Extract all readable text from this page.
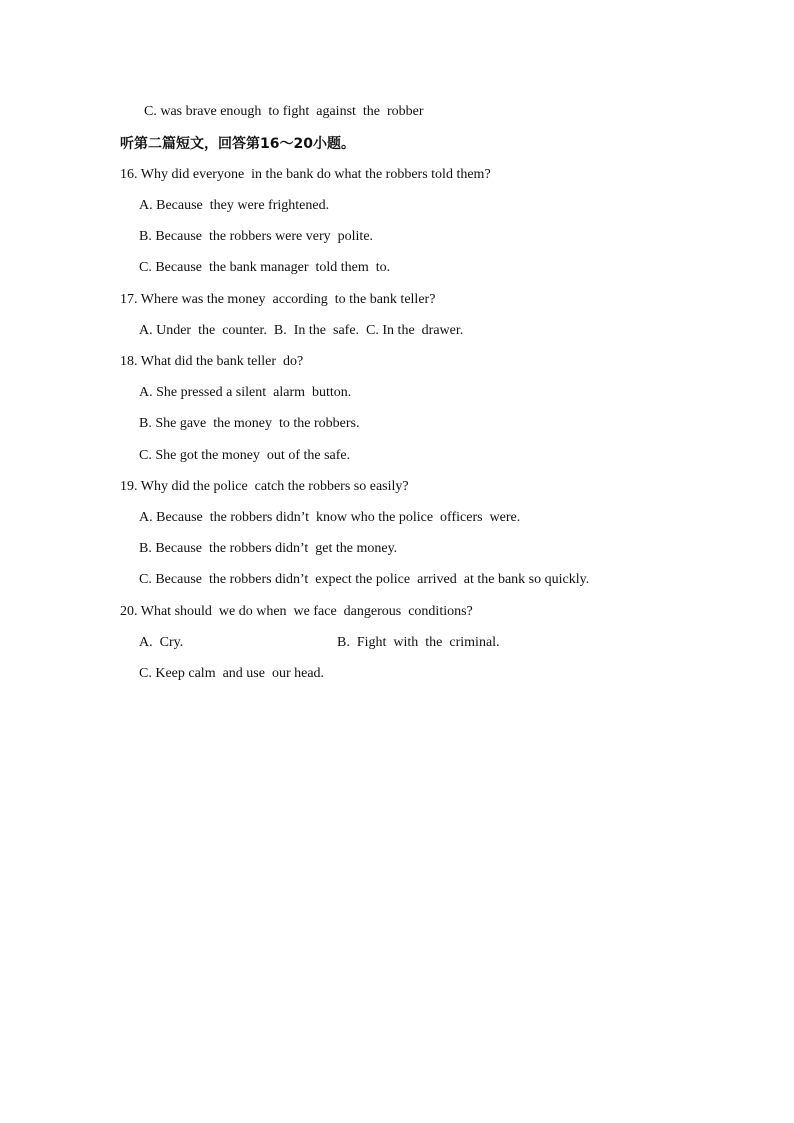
C. was brave enough  to fight  against  the  robber
听第二篇短文，回答第16～20小题。
16. Why did everyone  in the bank do what the robbers told them?
A. Because  they were frightened.
B. Because  the robbers were very  polite.
C. Because  the bank manager  told them  to.
17. Where was the money  according  to the bank teller?
A. Under  the  counter.  B.  In the  safe.  C. In the  drawer.
18. What did the bank teller  do?
A. She pressed a silent  alarm  button.
B. She gave  the money  to the robbers.
C. She got the money  out of the safe.
19. Why did the police  catch the robbers so easily?
A. Because  the robbers didn’t  know who the police  officers  were.
B. Because  the robbers didn’t  get the money.
C. Because  the robbers didn’t  expect the police  arrived  at the bank so quickly.
20. What should  we do when  we face  dangerous  conditions?
A.  Cry.	B.  Fight  with  the  criminal.
C. Keep calm  and use  our head.
